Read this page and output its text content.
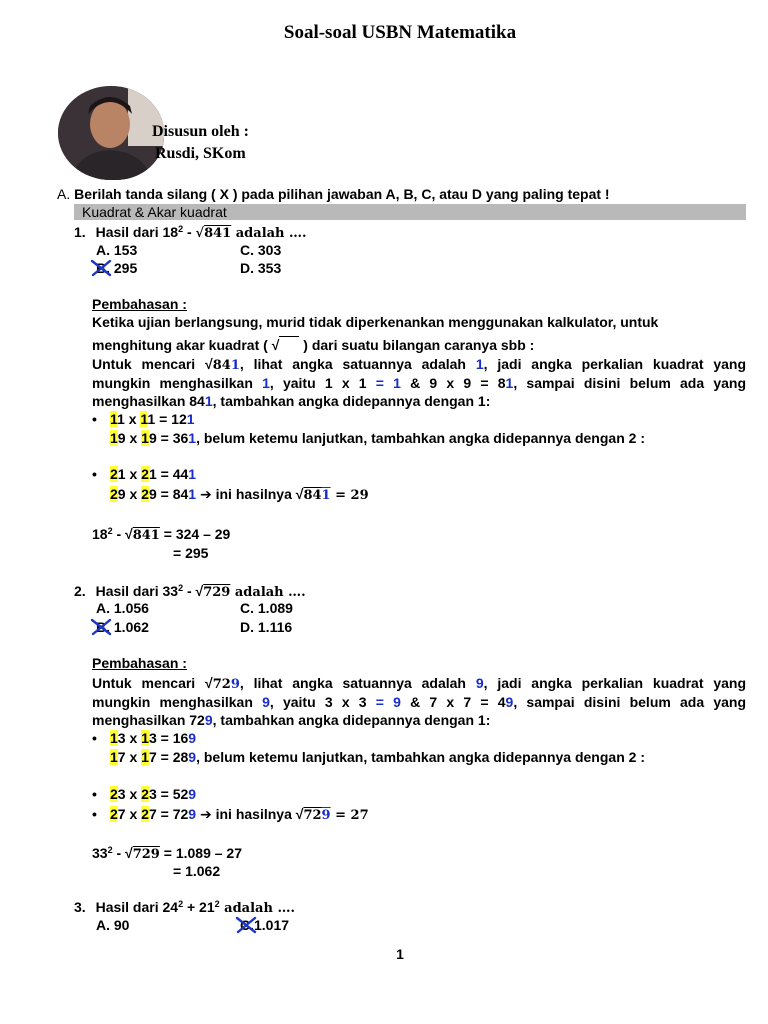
Soal-soal USBN Matematika
Disusun oleh :
Rusdi, SKom
A. Berilah tanda silang ( X ) pada pilihan jawaban A, B, C, atau D yang paling tepat !
Kuadrat & Akar kuadrat
1. Hasil dari $18^2 - √841$ adalah ….
A. 153	C. 303
B. 295	D. 353
Pembahasan :
Ketika ujian berlangsung, murid tidak diperkenankan menggunakan kalkulator, untuk
menghitung akar kuadrat ( √  ) dari suatu bilangan caranya sbb :
Untuk mencari √841, lihat angka satuannya adalah 1, jadi angka perkalian kuadrat yang
mungkin menghasilkan 1, yaitu 1 x 1 = 1 & 9 x 9 = 81, sampai disini belum ada yang
menghasilkan 841, tambahkan angka didepannya dengan 1:
• 11 x 11 = 121
19 x 19 = 361, belum ketemu lanjutkan, tambahkan angka didepannya dengan 2 :
• 21 x 21 = 441
29 x 29 = 841 ➔ ini hasilnya √841 = 29
$18^2 - √841 = 324 - 29$
= 295
2. Hasil dari $33^2 - √729$ adalah ….
A. 1.056	C. 1.089
B. 1.062	D. 1.116
Pembahasan :
Untuk mencari √729, lihat angka satuannya adalah 9, jadi angka perkalian kuadrat yang
mungkin menghasilkan 9, yaitu 3 x 3 = 9 & 7 x 7 = 49, sampai disini belum ada yang
menghasilkan 729, tambahkan angka didepannya dengan 1:
• 13 x 13 = 169
17 x 17 = 289, belum ketemu lanjutkan, tambahkan angka didepannya dengan 2 :
• 23 x 23 = 529
• 27 x 27 = 729 ➔ ini hasilnya √729 = 27
$33^2 - √729 = 1.089 - 27$
= 1.062
3. Hasil dari $24^2 + 21^2$ adalah ….
A. 90	C.1.017
1
